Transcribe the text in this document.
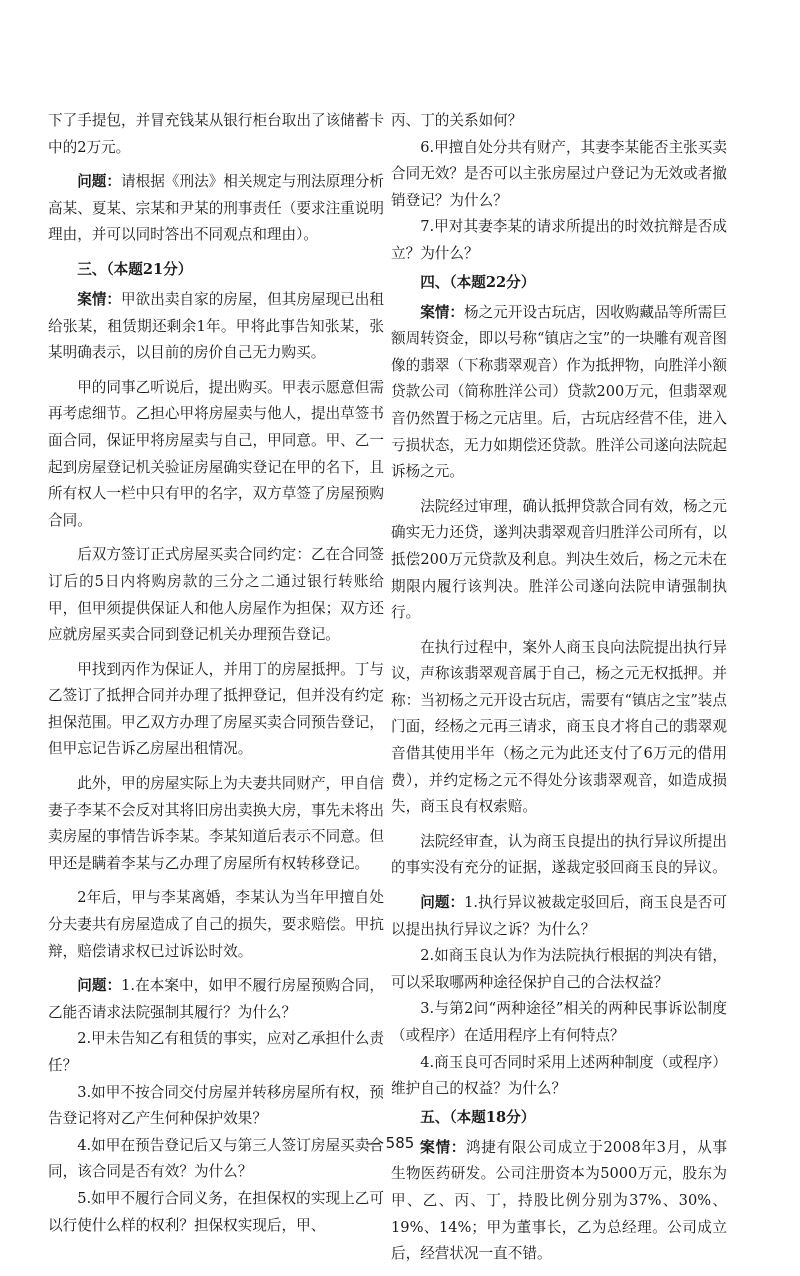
下了手提包，并冒充钱某从银行柜台取出了该储蓄卡中的2万元。

问题：请根据《刑法》相关规定与刑法原理分析高某、夏某、宗某和尹某的刑事责任（要求注重说明理由，并可以同时答出不同观点和理由）。

三、（本题21分）

案情：甲欲出卖自家的房屋，但其房屋现已出租给张某，租赁期还剩余1年。甲将此事告知张某，张某明确表示，以目前的房价自己无力购买。

甲的同事乙听说后，提出购买。甲表示愿意但需再考虑细节。乙担心甲将房屋卖与他人，提出草签书面合同，保证甲将房屋卖与自己，甲同意。甲、乙一起到房屋登记机关验证房屋确实登记在甲的名下，且所有权人一栏中只有甲的名字，双方草签了房屋预购合同。

后双方签订正式房屋买卖合同约定：乙在合同签订后的5日内将购房款的三分之二通过银行转账给甲，但甲须提供保证人和他人房屋作为担保；双方还应就房屋买卖合同到登记机关办理预告登记。

甲找到丙作为保证人，并用丁的房屋抵押。丁与乙签订了抵押合同并办理了抵押登记，但并没有约定担保范围。甲乙双方办理了房屋买卖合同预告登记，但甲忘记告诉乙房屋出租情况。

此外，甲的房屋实际上为夫妻共同财产，甲自信妻子李某不会反对其将旧房出卖换大房，事先未将出卖房屋的事情告诉李某。李某知道后表示不同意。但甲还是瞒着李某与乙办理了房屋所有权转移登记。

2年后，甲与李某离婚，李某认为当年甲擅自处分夫妻共有房屋造成了自己的损失，要求赔偿。甲抗辩，赔偿请求权已过诉讼时效。

问题：1.在本案中，如甲不履行房屋预购合同，乙能否请求法院强制其履行？为什么？

2.甲未告知乙有租赁的事实，应对乙承担什么责任？

3.如甲不按合同交付房屋并转移房屋所有权，预告登记将对乙产生何种保护效果？

4.如甲在预告登记后又与第三人签订房屋买卖合同，该合同是否有效？为什么？

5.如甲不履行合同义务，在担保权的实现上乙可以行使什么样的权利？担保权实现后，甲、

丙、丁的关系如何？

6.甲擅自处分共有财产，其妻李某能否主张买卖合同无效？是否可以主张房屋过户登记为无效或者撤销登记？为什么？

7.甲对其妻李某的请求所提出的时效抗辩是否成立？为什么？

四、（本题22分）

案情：杨之元开设古玩店，因收购藏品等所需巨额周转资金，即以号称“镇店之宝”的一块雕有观音图像的翡翠（下称翡翠观音）作为抵押物，向胜洋小额贷款公司（简称胜洋公司）贷款200万元，但翡翠观音仍然置于杨之元店里。后，古玩店经营不佳，进入亏损状态，无力如期偿还贷款。胜洋公司遂向法院起诉杨之元。

法院经过审理，确认抵押贷款合同有效，杨之元确实无力还贷，遂判决翡翠观音归胜洋公司所有，以抵偿200万元贷款及利息。判决生效后，杨之元未在期限内履行该判决。胜洋公司遂向法院申请强制执行。

在执行过程中，案外人商玉良向法院提出执行异议，声称该翡翠观音属于自己，杨之元无权抵押。并称：当初杨之元开设古玩店，需要有“镇店之宝”装点门面，经杨之元再三请求，商玉良才将自己的翡翠观音借其使用半年（杨之元为此还支付了6万元的借用费），并约定杨之元不得处分该翡翠观音，如造成损失，商玉良有权索赔。

法院经审查，认为商玉良提出的执行异议所提出的事实没有充分的证据，遂裁定驳回商玉良的异议。

问题：1.执行异议被裁定驳回后，商玉良是否可以提出执行异议之诉？为什么？

2.如商玉良认为作为法院执行根据的判决有错，可以采取哪两种途径保护自己的合法权益？

3.与第2问“两种途径”相关的两种民事诉讼制度（或程序）在适用程序上有何特点？

4.商玉良可否同时采用上述两种制度（或程序）维护自己的权益？为什么？

五、（本题18分）

案情：鸿捷有限公司成立于2008年3月，从事生物医药研发。公司注册资本为5000万元，股东为甲、乙、丙、丁，持股比例分别为37%、30%、19%、14%；甲为董事长，乙为总经理。公司成立后，经营状况一直不错。

— 585 —
